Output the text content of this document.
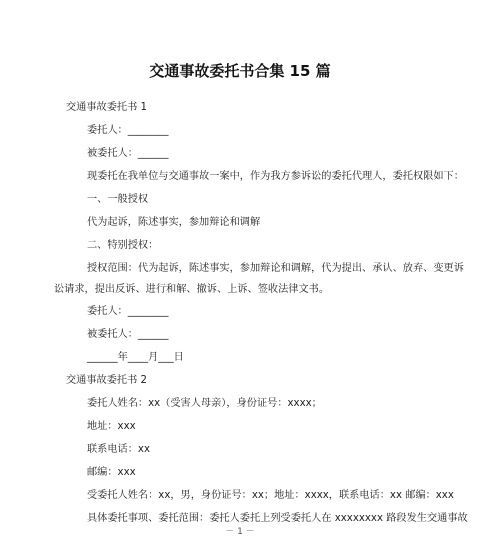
交通事故委托书合集 15 篇
交通事故委托书 1
委托人：________
被委托人：______
现委托在我单位与交通事故一案中，作为我方参诉讼的委托代理人，委托权限如下：
一、一般授权
代为起诉，陈述事实，参加辩论和调解
二、特别授权：
授权范围：代为起诉，陈述事实，参加辩论和调解，代为提出、承认、放弃、变更诉
讼请求，提出反诉、进行和解、撤诉、上诉、签收法律文书。
委托人：________
被委托人：______
______年____月___日
交通事故委托书 2
委托人姓名：xx（受害人母亲），身份证号：xxxx；
地址：xxx
联系电话：xx
邮编：xxx
受委托人姓名：xx，男，身份证号：xx；地址：xxxx，联系电话：xx 邮编：xxx
具体委托事项、委托范围：委托人委托上列受委托人在 xxxxxxxx 路段发生交通事故
－ 1 －
